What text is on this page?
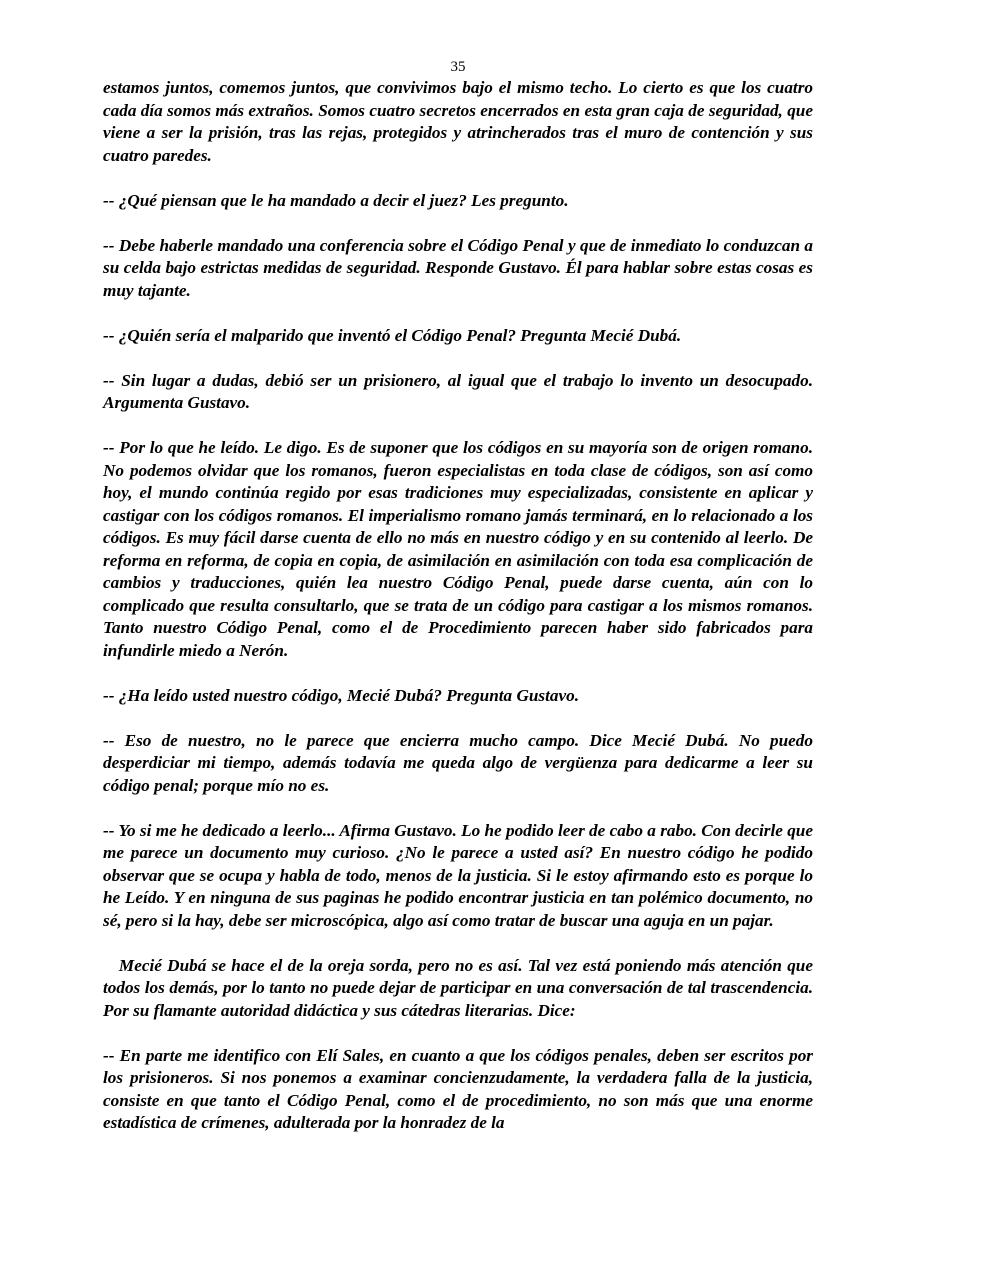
35

estamos juntos, comemos juntos, que convivimos bajo el mismo techo. Lo cierto es que los cuatro cada día somos más extraños. Somos cuatro secretos encerrados en esta gran caja de seguridad, que viene a ser la prisión, tras las rejas, protegidos y atrincherados tras el muro de contención y sus cuatro paredes.

-- ¿Qué piensan que le ha mandado a decir el juez? Les pregunto.

-- Debe haberle mandado una conferencia sobre el Código Penal y que de inmediato lo conduzcan a su celda bajo estrictas medidas de seguridad. Responde Gustavo. Él para hablar sobre estas cosas es muy tajante.

-- ¿Quién sería el malparido que inventó el Código Penal? Pregunta Mecié Dubá.

-- Sin lugar a dudas, debió ser un prisionero, al igual que el trabajo lo invento un desocupado. Argumenta Gustavo.

-- Por lo que he leído. Le digo. Es de suponer que los códigos en su mayoría son de origen romano. No podemos olvidar que los romanos, fueron especialistas en toda clase de códigos, son así como hoy, el mundo continúa regido por esas tradiciones muy especializadas, consistente en aplicar y castigar con los códigos romanos. El imperialismo romano jamás terminará, en lo relacionado a los códigos. Es muy fácil darse cuenta de ello no más en nuestro código y en su contenido al leerlo. De reforma en reforma, de copia en copia, de asimilación en asimilación con toda esa complicación de cambios y traducciones, quién lea nuestro Código Penal, puede darse cuenta, aún con lo complicado que resulta consultarlo, que se trata de un código para castigar a los mismos romanos. Tanto nuestro Código Penal, como el de Procedimiento parecen haber sido fabricados para infundirle miedo a Nerón.

-- ¿Ha leído usted nuestro código, Mecié Dubá? Pregunta Gustavo.

-- Eso de nuestro, no le parece que encierra mucho campo. Dice Mecié Dubá. No puedo desperdiciar mi tiempo, además todavía me queda algo de vergüenza para dedicarme a leer su código penal; porque mío no es.

-- Yo si me he dedicado a leerlo... Afirma Gustavo. Lo he podido leer de cabo a rabo. Con decirle que me parece un documento muy curioso. ¿No le parece a usted así? En nuestro código he podido observar que se ocupa y habla de todo, menos de la justicia. Si le estoy afirmando esto es porque lo he Leído. Y en ninguna de sus paginas he podido encontrar justicia en tan polémico documento, no sé, pero si la hay, debe ser microscópica, algo así como tratar de buscar una aguja en un pajar.

Mecié Dubá se hace el de la oreja sorda, pero no es así. Tal vez está poniendo más atención que todos los demás, por lo tanto no puede dejar de participar en una conversación de tal trascendencia. Por su flamante autoridad didáctica y sus cátedras literarias. Dice:

-- En parte me identifico con Elí Sales, en cuanto a que los códigos penales, deben ser escritos por los prisioneros. Si nos ponemos a examinar concienzudamente, la verdadera falla de la justicia, consiste en que tanto el Código Penal, como el de procedimiento, no son más que una enorme estadística de crímenes, adulterada por la honradez de la
